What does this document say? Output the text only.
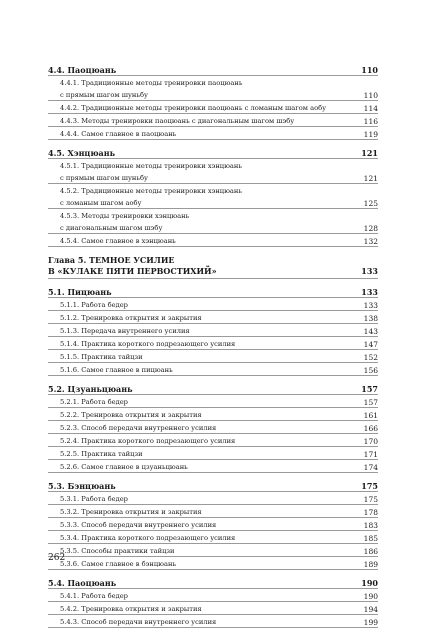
4.4. Паоцюань	110
4.4.1. Традиционные методы тренировки паоцюань
с прямым шагом шуньбу	110
4.4.2. Традиционные методы тренировки паоцюань с ломаным шагом аобу	114
4.4.3. Методы тренировки паоцюань с диагональным шагом шэбу	116
4.4.4. Самое главное в паоцюань	119
4.5. Хэнцюань	121
4.5.1. Традиционные методы тренировки хэнцюань
с прямым шагом шуньбу	121
4.5.2. Традиционные методы тренировки хэнцюань
с ломаным шагом аобу	125
4.5.3. Методы тренировки хэнцюань
с диагональным шагом шэбу	128
4.5.4. Самое главное в хэнцюань	132
Глава 5. ТЕМНОЕ УСИЛИЕ
В «КУЛАКЕ ПЯТИ ПЕРВОСТИХИЙ»	133
5.1. Пицюань	133
5.1.1. Работа бедер	133
5.1.2. Тренировка открытия и закрытия	138
5.1.3. Передача внутреннего усилия	143
5.1.4. Практика короткого подрезающего усилия	147
5.1.5. Практика тайцзи	152
5.1.6. Самое главное в пицюань	156
5.2. Цзуаньцюань	157
5.2.1. Работа бедер	157
5.2.2. Тренировка открытия и закрытия	161
5.2.3. Способ передачи внутреннего усилия	166
5.2.4. Практика короткого подрезающего усилия	170
5.2.5. Практика тайцзи	171
5.2.6. Самое главное в цзуаньцюань	174
5.3. Бэнцюань	175
5.3.1. Работа бедер	175
5.3.2. Тренировка открытия и закрытия	178
5.3.3. Способ передачи внутреннего усилия	183
5.3.4. Практика короткого подрезающего усилия	185
5.3.5. Способы практики тайцзи	186
5.3.6. Самое главное в бэнцюань	189
5.4. Паоцюань	190
5.4.1. Работа бедер	190
5.4.2. Тренировка открытия и закрытия	194
5.4.3. Способ передачи внутреннего усилия	199
262
